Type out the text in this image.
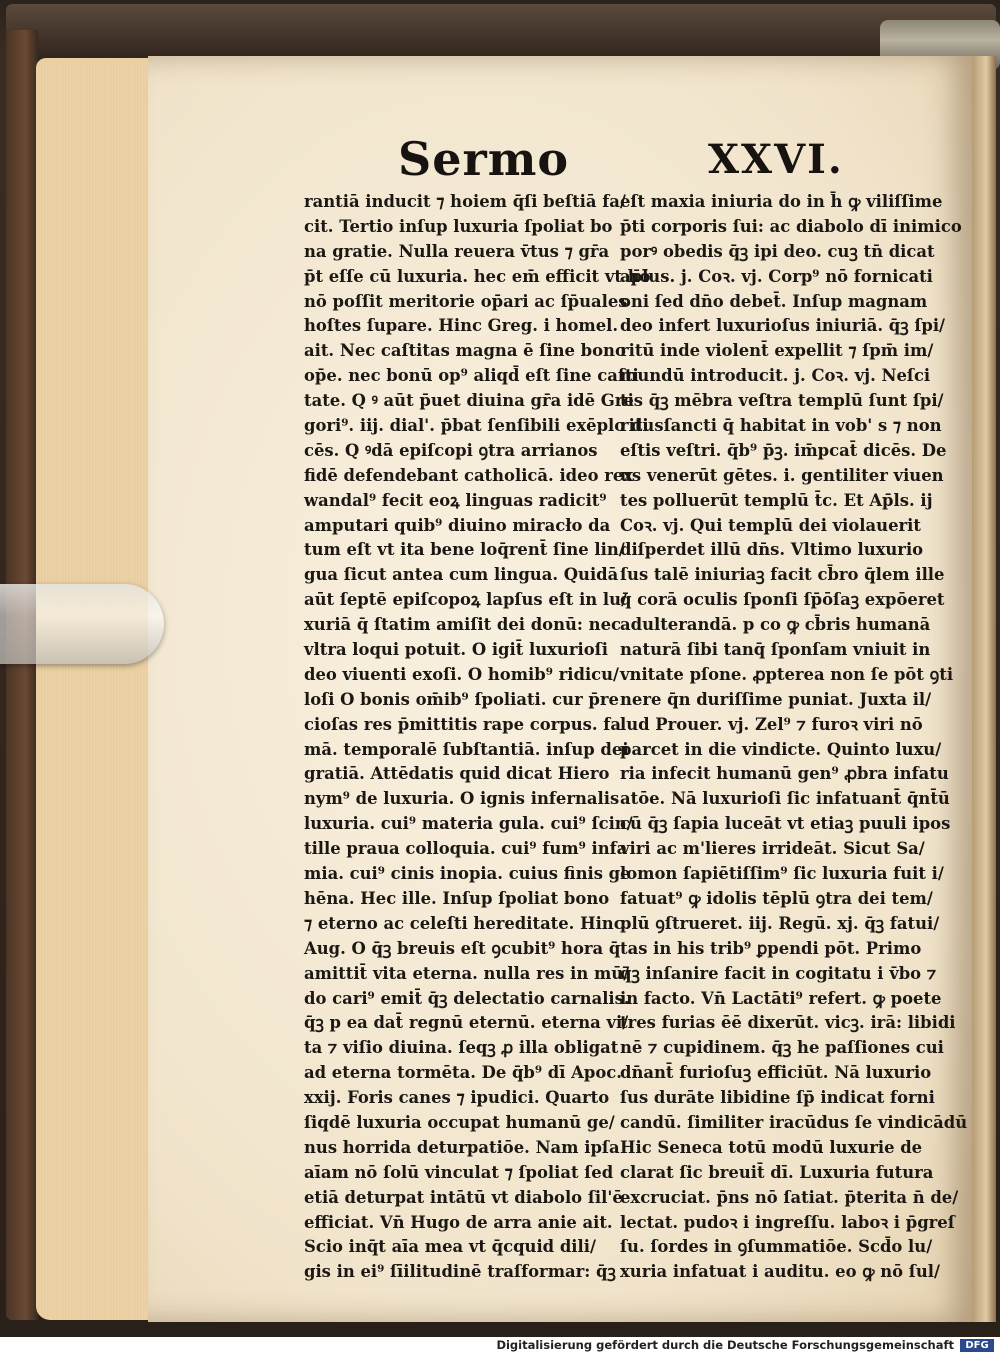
Sermo	XXVI.
rantiā inducit ⁊ hoiem q̄ſi beſtiā fa/
cit. Tertio inſup luxuria ſpoliat bo
na gratie. Nulla reuera v̄tus ⁊ gr̄a
p̄t eſſe cū luxuria. hec em̄ efficit vt hō
nō poſſit meritorie op̄ari ac ſp̄uales
hoſtes ſupare. Hinc Greg. i homel.
ait. Nec caſtitas magna ē ſine bono
op̄e. nec bonū op⁹ aliqd̄ eſt ſine caſti
tate. Q ꝰ aūt p̄uet diuina gr̄a idē Gre
gori⁹. iij. dial'. p̄bat ſenſibili exēplo di
cēs. Q ꝰdā epiſcopi ꝯtra arrianos
fidē defendebant catholicā. ideo rex
wandal⁹ fecit eoꝝ linguas radicit⁹
amputari quib⁹ diuino miracło da
tum eſt vt ita bene loq̄rent̄ ſine lin/
gua ſicut antea cum lingua. Quidā
aūt ſeptē epiſcopoꝝ lapſus eſt in lu/
xuriā q̄ ſtatim amiſit dei donū: nec
vltra loqui potuit. O igit̄ luxurioſi
deo viuenti exoſi. O homib⁹ ridicu/
loſi O bonis om̄ib⁹ ſpoliati. cur p̄re
cioſas res p̄mittitis rape corpus. fa
mā. temporalē ſubſtantiā. inſup dei
gratiā. Attēdatis quid dicat Hiero
nym⁹ de luxuria. O ignis infernalis
luxuria. cui⁹ materia gula. cui⁹ ſcin/
tille praua colloquia. cui⁹ fum⁹ infa
mia. cui⁹ cinis inopia. cuius finis ge
hēna. Hec ille. Inſup ſpoliat bono
⁊ eterno ac celeſti hereditate. Hinc
Aug. O q̄ꝫ breuis eſt ꝯcubit⁹ hora q̄
amittit̄ vita eterna. nulla res in mū/
do cari⁹ emit̄ q̄ꝫ delectatio carnalis.
q̄ꝫ p ea dat̄ regnū eternū. eterna vi/
ta ⁊ viſio diuina. ſeqꝫ ꝓ illa obligat
ad eterna tormēta. De q̄b⁹ dī Apoc.
xxij. Foris canes ⁊ ipudici. Quarto
ſiqdē luxuria occupat humanū ge/
nus horrida deturpatiōe. Nam ipſa
aīam nō ſolū vinculat ⁊ ſpoliat ſed
etiā deturpat intātū vt diabolo ſil'ē
efficiat. Vn̄ Hugo de arra anie ait.
Scio inq̄t aīa mea vt q̄cquid dili/
gis in ei⁹ ſīilitudinē traſformar: q̄ꝫ
eſt maxia iniuria do in h̄ ꝙ viliſſime
p̄ti corporis ſui: ac diabolo dī inimico
porꝰ obedis q̄ꝫ ipi deo. cuꝫ tn̄ dicat
ap̄lus. j. Coꝛ. vj. Corp⁹ nō fornicati
oni ſed dn̄o debet̄. Inſup magnam
deo infert luxurioſus iniuriā. q̄ꝫ ſpi/
ritū inde violent̄ expellit ⁊ ſpm̄ im/
mundū introducit. j. Coꝛ. vj. Neſci
tis q̄ꝫ mēbra veſtra templū ſunt ſpi/
ritusſancti q̄ habitat in vob' s ⁊ non
eſtis veſtri. q̄b⁹ p̄ꝫ. im̄pcat̄ dicēs. De
us venerūt gētes. i. gentiliter viuen
tes polluerūt templū t̄c. Et Ap̄ls. ij
Coꝛ. vj. Qui templū dei violauerit
diſperdet illū dn̄s. Vltimo luxurio
ſus talē iniuriaꝫ facit cb̄ro q̄lem ille
q̄ corā oculis ſponſi ſp̄ōſaꝫ expōeret
adulterandā. p co ꝙ cb̄ris humanā
naturā ſibi tanq̄ ſponſam vniuit in
vnitate pſone. ꝓpterea non ſe pōt ꝯti
nere q̄n duriſſime puniat. Juxta il/
lud Prouer. vj. Zel⁹ ⁊ furoꝛ viri nō
parcet in die vindicte. Quinto luxu/
ria infecit humanū gen⁹ ꝓbra infatu
atōe. Nā luxurioſi ſic infatuant̄ q̄nt̄ū
cū q̄ꝫ ſapia luceāt vt etiaꝫ puuli ipos
viri ac m'lieres irrideāt. Sicut Sa/
lomon ſapiētiſſim⁹ ſic luxuria fuit i/
fatuat⁹ ꝙ idolis tēplū ꝯtra dei tem/
plū ꝯſtrueret. iij. Regū. xj. q̄ꝫ fatui/
tas in his trib⁹ ꝑpendi pōt. Primo
q̄ꝫ inſanire facit in cogitatu i v̄bo ⁊
in facto. Vn̄ Lactāti⁹ refert. ꝙ poete
tres furias ēē dixerūt. vicꝫ. irā: libidi
nē ⁊ cupidinem. q̄ꝫ he paſſiones cui
dn̄ant̄ furioſuꝫ efficiūt. Nā luxurio
ſus durāte libidine ſp̄ indicat forni
candū. ſimiliter iracūdus ſe vindicādū
Hic Seneca totū modū luxurie de
clarat ſic breuit̄ dī. Luxuria futura
excruciat. p̄ns nō ſatiat. p̄terita n̄ de/
lectat. pudoꝛ i ingreſſu. laboꝛ i p̄greſ
ſu. ſordes in ꝯſummatiōe. Scd̄o lu/
xuria infatuat i auditu. eo ꝙ nō ſul/
Digitalisierung gefördert durch die Deutsche Forschungsgemeinschaft	DFG
